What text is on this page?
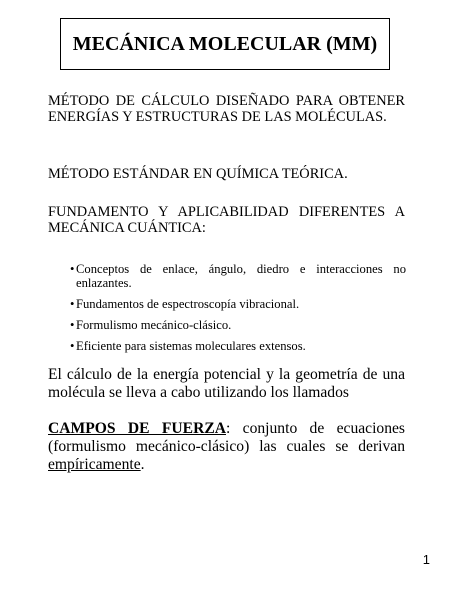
MECÁNICA MOLECULAR (MM)

MÉTODO DE CÁLCULO DISEÑADO PARA OBTENER ENERGÍAS Y ESTRUCTURAS DE LAS MOLÉCULAS.

MÉTODO ESTÁNDAR EN QUÍMICA TEÓRICA.

FUNDAMENTO Y APLICABILIDAD DIFERENTES A MECÁNICA CUÁNTICA:

• Conceptos de enlace, ángulo, diedro e interacciones no enlazantes.
• Fundamentos de espectroscopía vibracional.
• Formulismo mecánico-clásico.
• Eficiente para sistemas moleculares extensos.

El cálculo de la energía potencial y la geometría de una molécula se lleva a cabo utilizando los llamados

CAMPOS DE FUERZA: conjunto de ecuaciones (formulismo mecánico-clásico) las cuales se derivan empíricamente.

1
